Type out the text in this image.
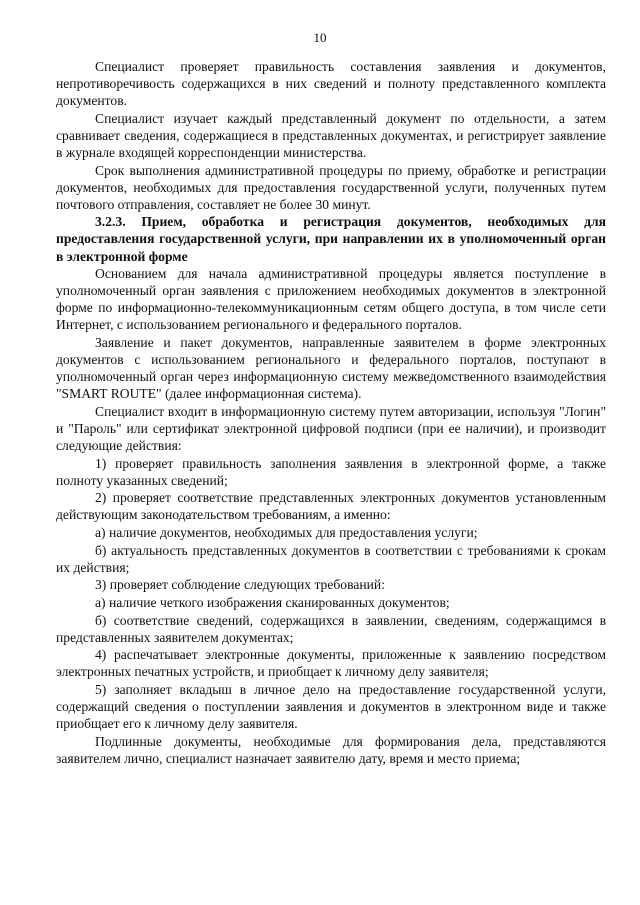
10

Специалист проверяет правильность составления заявления и документов, непротиворечивость содержащихся в них сведений и полноту представленного комплекта документов.

Специалист изучает каждый представленный документ по отдельности, а затем сравнивает сведения, содержащиеся в представленных документах, и регистрирует заявление в журнале входящей корреспонденции министерства.

Срок выполнения административной процедуры по приему, обработке и регистрации документов, необходимых для предоставления государственной услуги, полученных путем почтового отправления, составляет не более 30 минут.

3.2.3. Прием, обработка и регистрация документов, необходимых для предоставления государственной услуги, при направлении их в уполномоченный орган в электронной форме

Основанием для начала административной процедуры является поступление в уполномоченный орган заявления с приложением необходимых документов в электронной форме по информационно-телекоммуникационным сетям общего доступа, в том числе сети Интернет, с использованием регионального и федерального порталов.

Заявление и пакет документов, направленные заявителем в форме электронных документов с использованием регионального и федерального порталов, поступают в уполномоченный орган через информационную систему межведомственного взаимодействия "SMART ROUTE" (далее информационная система).

Специалист входит в информационную систему путем авторизации, используя "Логин" и "Пароль" или сертификат электронной цифровой подписи (при ее наличии), и производит следующие действия:

1) проверяет правильность заполнения заявления в электронной форме, а также полноту указанных сведений;

2) проверяет соответствие представленных электронных документов установленным действующим законодательством требованиям, а именно:

а) наличие документов, необходимых для предоставления услуги;

б) актуальность представленных документов в соответствии с требованиями к срокам их действия;

3) проверяет соблюдение следующих требований:

а) наличие четкого изображения сканированных документов;

б) соответствие сведений, содержащихся в заявлении, сведениям, содержащимся в представленных заявителем документах;

4) распечатывает электронные документы, приложенные к заявлению посредством электронных печатных устройств, и приобщает к личному делу заявителя;

5) заполняет вкладыш в личное дело на предоставление государственной услуги, содержащий сведения о поступлении заявления и документов в электронном виде и также приобщает его к личному делу заявителя.

Подлинные документы, необходимые для формирования дела, представляются заявителем лично, специалист назначает заявителю дату, время и место приема;
